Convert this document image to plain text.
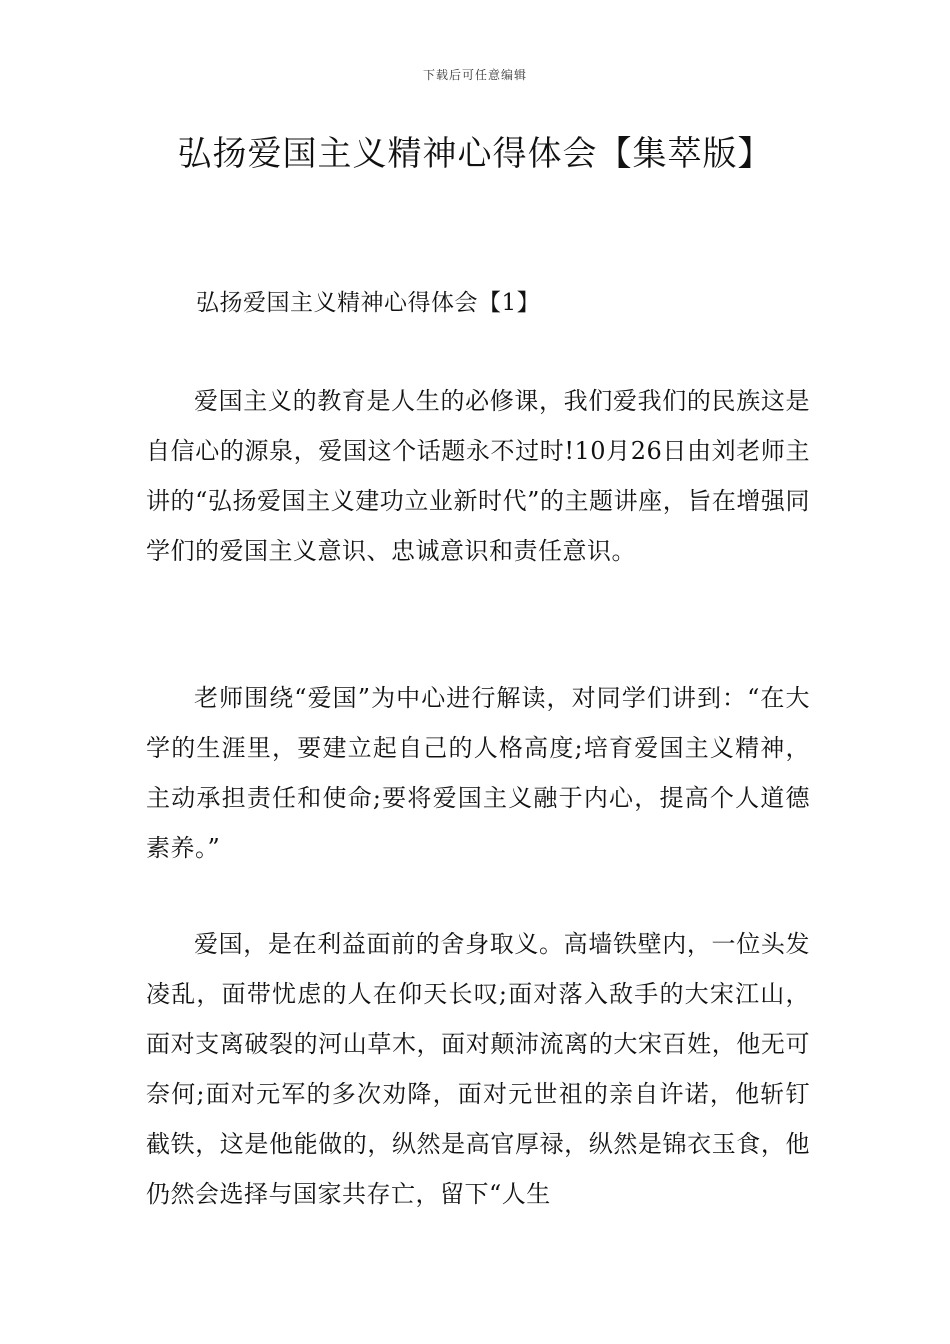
下载后可任意编辑
弘扬爱国主义精神心得体会【集萃版】
弘扬爱国主义精神心得体会【1】

爱国主义的教育是人生的必修课，我们爱我们的民族这是自信心的源泉，爱国这个话题永不过时!10月26日由刘老师主讲的“弘扬爱国主义建功立业新时代”的主题讲座，旨在增强同学们的爱国主义意识、忠诚意识和责任意识。

老师围绕“爱国”为中心进行解读，对同学们讲到：“在大学的生涯里，要建立起自己的人格高度;培育爱国主义精神，主动承担责任和使命;要将爱国主义融于内心，提高个人道德素养。”

爱国，是在利益面前的舍身取义。高墙铁壁内，一位头发凌乱，面带忧虑的人在仰天长叹;面对落入敌手的大宋江山，面对支离破裂的河山草木，面对颠沛流离的大宋百姓，他无可奈何;面对元军的多次劝降，面对元世祖的亲自许诺，他斩钉截铁，这是他能做的，纵然是高官厚禄，纵然是锦衣玉食，他仍然会选择与国家共存亡，留下“人生
